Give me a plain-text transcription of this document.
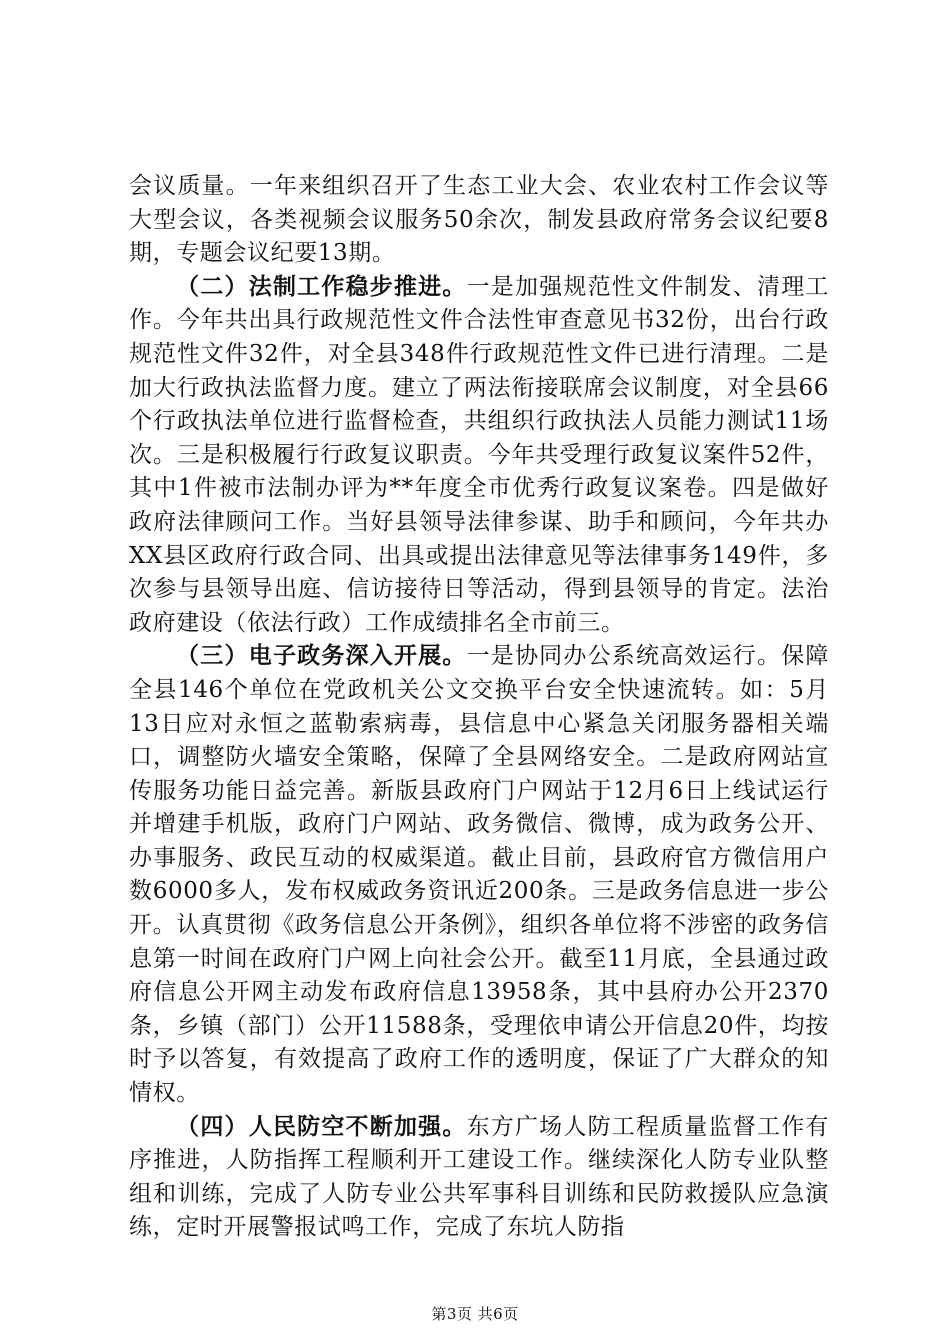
会议质量。一年来组织召开了生态工业大会、农业农村工作会议等大型会议，各类视频会议服务50余次，制发县政府常务会议纪要8期，专题会议纪要13期。

（二）法制工作稳步推进。一是加强规范性文件制发、清理工作。今年共出具行政规范性文件合法性审查意见书32份，出台行政规范性文件32件，对全县348件行政规范性文件已进行清理。二是加大行政执法监督力度。建立了两法衔接联席会议制度，对全县66个行政执法单位进行监督检查，共组织行政执法人员能力测试11场次。三是积极履行行政复议职责。今年共受理行政复议案件52件，其中1件被市法制办评为**年度全市优秀行政复议案卷。四是做好政府法律顾问工作。当好县领导法律参谋、助手和顾问，今年共办XX县区政府行政合同、出具或提出法律意见等法律事务149件，多次参与县领导出庭、信访接待日等活动，得到县领导的肯定。法治政府建设（依法行政）工作成绩排名全市前三。

（三）电子政务深入开展。一是协同办公系统高效运行。保障全县146个单位在党政机关公文交换平台安全快速流转。如：5月13日应对永恒之蓝勒索病毒，县信息中心紧急关闭服务器相关端口，调整防火墙安全策略，保障了全县网络安全。二是政府网站宣传服务功能日益完善。新版县政府门户网站于12月6日上线试运行并增建手机版，政府门户网站、政务微信、微博，成为政务公开、办事服务、政民互动的权威渠道。截止目前，县政府官方微信用户数6000多人，发布权威政务资讯近200条。三是政务信息进一步公开。认真贯彻《政务信息公开条例》，组织各单位将不涉密的政务信息第一时间在政府门户网上向社会公开。截至11月底，全县通过政府信息公开网主动发布政府信息13958条，其中县府办公开2370条，乡镇（部门）公开11588条，受理依申请公开信息20件，均按时予以答复，有效提高了政府工作的透明度，保证了广大群众的知情权。

（四）人民防空不断加强。东方广场人防工程质量监督工作有序推进，人防指挥工程顺利开工建设工作。继续深化人防专业队整组和训练，完成了人防专业公共军事科目训练和民防救援队应急演练，定时开展警报试鸣工作，完成了东坑人防指

第3页 共6页
